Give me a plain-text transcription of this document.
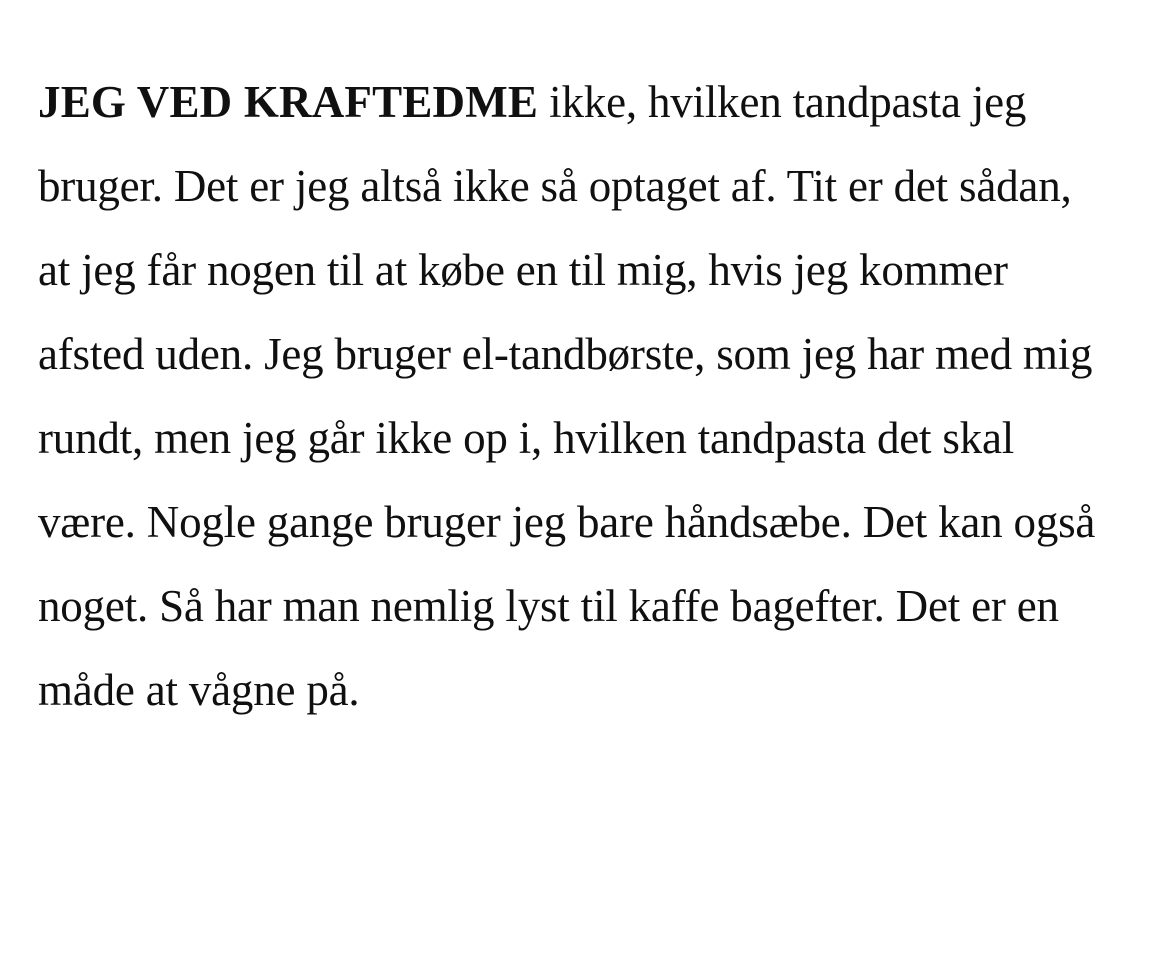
JEG VED KRAFTEDME ikke, hvilken tandpasta jeg bruger. Det er jeg altså ikke så optaget af. Tit er det sådan, at jeg får nogen til at købe en til mig, hvis jeg kommer afsted uden. Jeg bruger el-tandbørste, som jeg har med mig rundt, men jeg går ikke op i, hvilken tandpasta det skal være. Nogle gange bruger jeg bare håndsæbe. Det kan også noget. Så har man nemlig lyst til kaffe bagefter. Det er en måde at vågne på.
